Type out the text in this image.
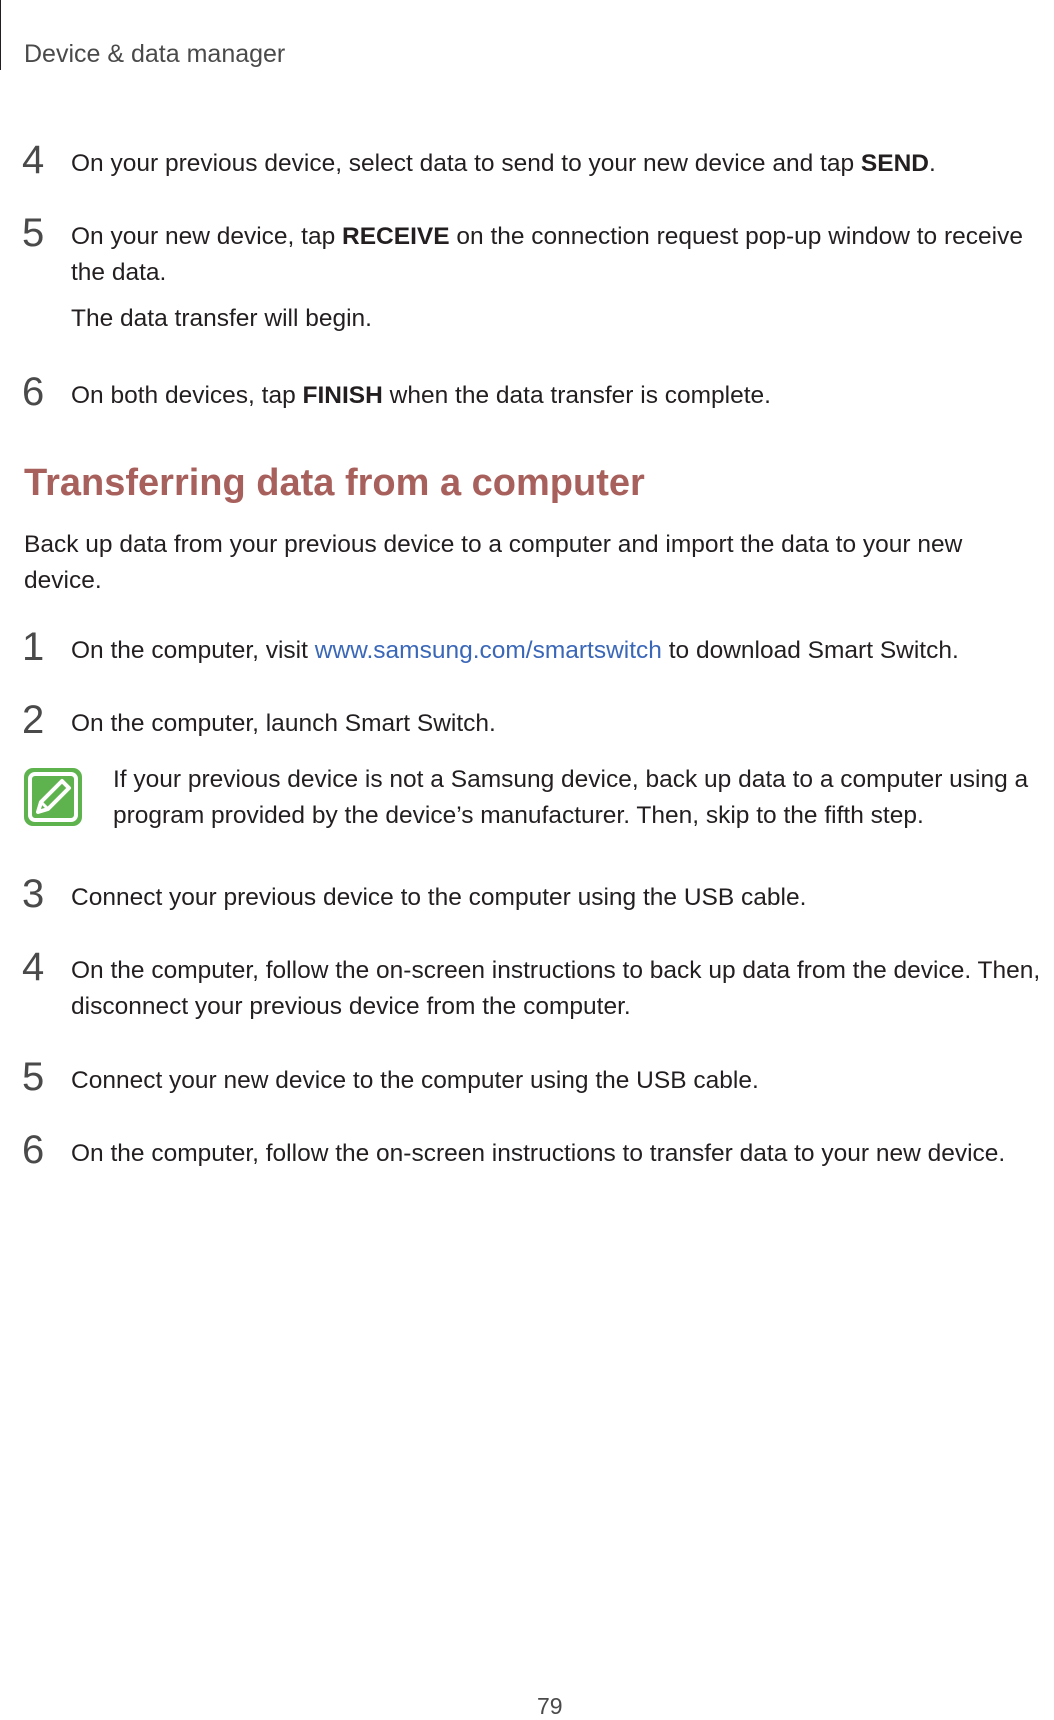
Device & data manager
4 On your previous device, select data to send to your new device and tap SEND.
5 On your new device, tap RECEIVE on the connection request pop-up window to receive the data.
The data transfer will begin.
6 On both devices, tap FINISH when the data transfer is complete.
Transferring data from a computer
Back up data from your previous device to a computer and import the data to your new device.
1 On the computer, visit www.samsung.com/smartswitch to download Smart Switch.
2 On the computer, launch Smart Switch.
If your previous device is not a Samsung device, back up data to a computer using a program provided by the device’s manufacturer. Then, skip to the fifth step.
3 Connect your previous device to the computer using the USB cable.
4 On the computer, follow the on-screen instructions to back up data from the device. Then, disconnect your previous device from the computer.
5 Connect your new device to the computer using the USB cable.
6 On the computer, follow the on-screen instructions to transfer data to your new device.
79
